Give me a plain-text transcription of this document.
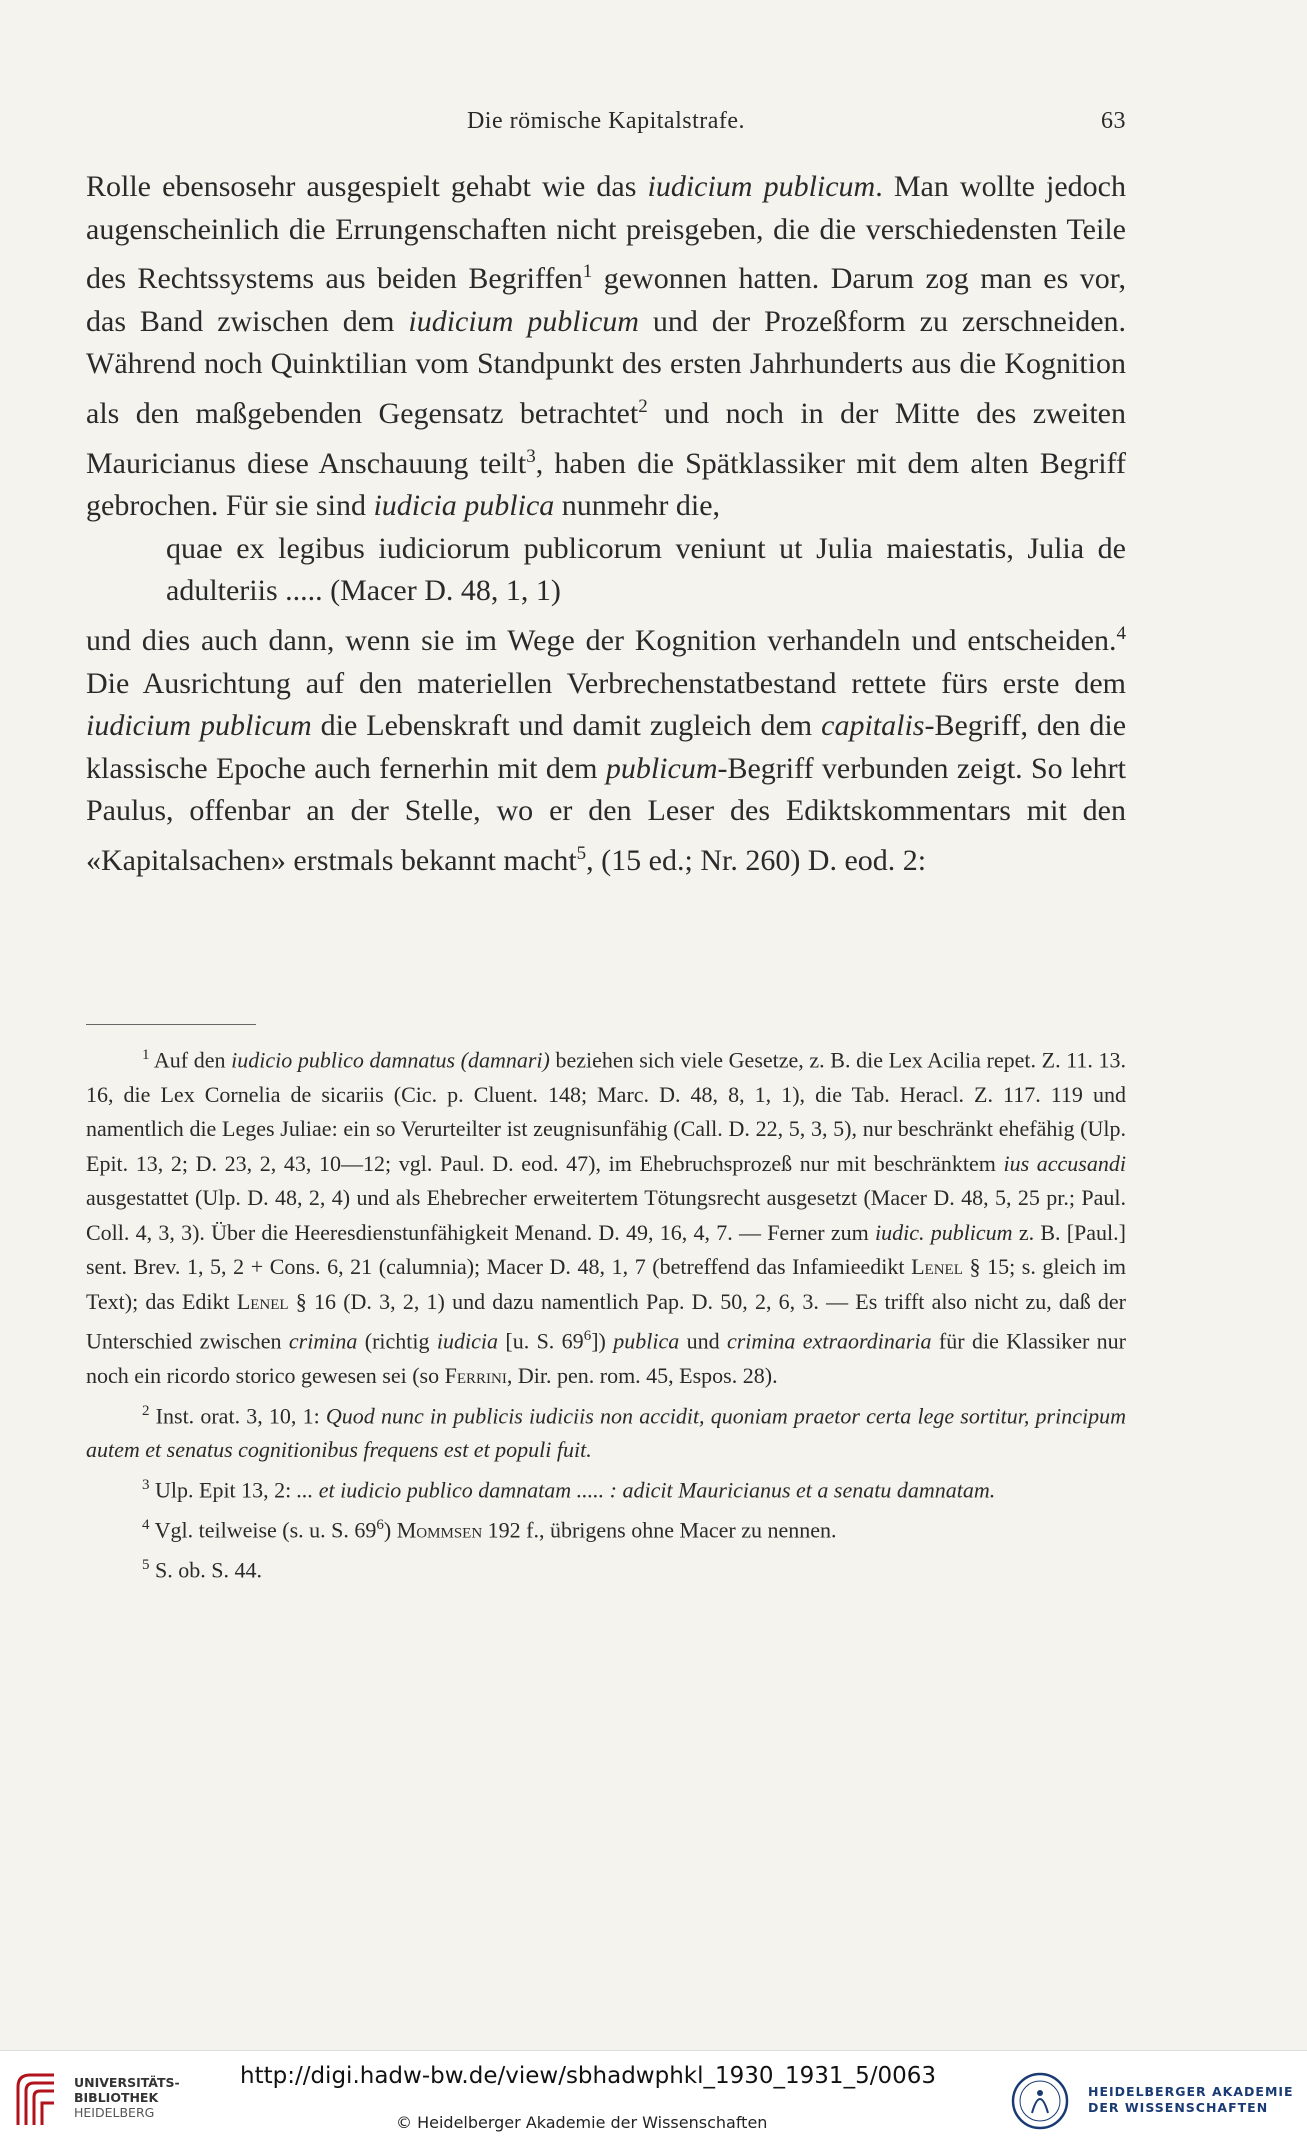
Die römische Kapitalstrafe.	63

Rolle ebensosehr ausgespielt gehabt wie das iudicium publicum. Man wollte jedoch augenscheinlich die Errungenschaften nicht preisgeben, die die verschiedensten Teile des Rechtssystems aus beiden Begriffen$^1$ gewonnen hatten. Darum zog man es vor, das Band zwischen dem iudicium publicum und der Prozeßform zu zerschneiden. Während noch Quinktilian vom Standpunkt des ersten Jahrhunderts aus die Kognition als den maßgebenden Gegensatz betrachtet$^2$ und noch in der Mitte des zweiten Mauricianus diese Anschauung teilt$^3$, haben die Spätklassiker mit dem alten Begriff gebrochen. Für sie sind iudicia publica nunmehr die,

quae ex legibus iudiciorum publicorum veniunt ut Julia maiestatis, Julia de adulteriis ..... (Macer D. 48, 1, 1)

und dies auch dann, wenn sie im Wege der Kognition verhandeln und entscheiden.$^4$ Die Ausrichtung auf den materiellen Verbrechenstatbestand rettete fürs erste dem iudicium publicum die Lebenskraft und damit zugleich dem capitalis-Begriff, den die klassische Epoche auch fernerhin mit dem publicum-Begriff verbunden zeigt. So lehrt Paulus, offenbar an der Stelle, wo er den Leser des Ediktskommentars mit den «Kapitalsachen» erstmals bekannt macht$^5$, (15 ed.; Nr. 260) D. eod. 2:

$^1$ Auf den iudicio publico damnatus (damnari) beziehen sich viele Gesetze, z. B. die Lex Acilia repet. Z. 11. 13. 16, die Lex Cornelia de sicariis (Cic. p. Cluent. 148; Marc. D. 48, 8, 1, 1), die Tab. Heracl. Z. 117. 119 und namentlich die Leges Juliae: ein so Verurteilter ist zeugnisunfähig (Call. D. 22, 5, 3, 5), nur beschränkt ehefähig (Ulp. Epit. 13, 2; D. 23, 2, 43, 10—12; vgl. Paul. D. eod. 47), im Ehebruchsprozeß nur mit beschränktem ius accusandi ausgestattet (Ulp. D. 48, 2, 4) und als Ehebrecher erweitertem Tötungsrecht ausgesetzt (Macer D. 48, 5, 25 pr.; Paul. Coll. 4, 3, 3). Über die Heeresdienstunfähigkeit Menand. D. 49, 16, 4, 7. — Ferner zum iudic. publicum z. B. [Paul.] sent. Brev. 1, 5, 2 + Cons. 6, 21 (calumnia); Macer D. 48, 1, 7 (betreffend das Infamieedikt Lenel § 15; s. gleich im Text); das Edikt Lenel § 16 (D. 3, 2, 1) und dazu namentlich Pap. D. 50, 2, 6, 3. — Es trifft also nicht zu, daß der Unterschied zwischen crimina (richtig iudicia [u. S. $69^6$]) publica und crimina extraordinaria für die Klassiker nur noch ein ricordo storico gewesen sei (so Ferrini, Dir. pen. rom. 45, Espos. 28).

$^2$ Inst. orat. 3, 10, 1: Quod nunc in publicis iudiciis non accidit, quoniam praetor certa lege sortitur, principum autem et senatus cognitionibus frequens est et populi fuit.

$^3$ Ulp. Epit 13, 2: ... et iudicio publico damnatam ..... : adicit Mauricianus et a senatu damnatam.

$^4$ Vgl. teilweise (s. u. S. $69^6$) Mommsen 192 f., übrigens ohne Macer zu nennen.

$^5$ S. ob. S. 44.

UNIVERSITÄTS-
BIBLIOTHEK
HEIDELBERG
http://digi.hadw-bw.de/view/sbhadwphkl_1930_1931_5/0063
© Heidelberger Akademie der Wissenschaften
HEIDELBERGER AKADEMIE
DER WISSENSCHAFTEN
